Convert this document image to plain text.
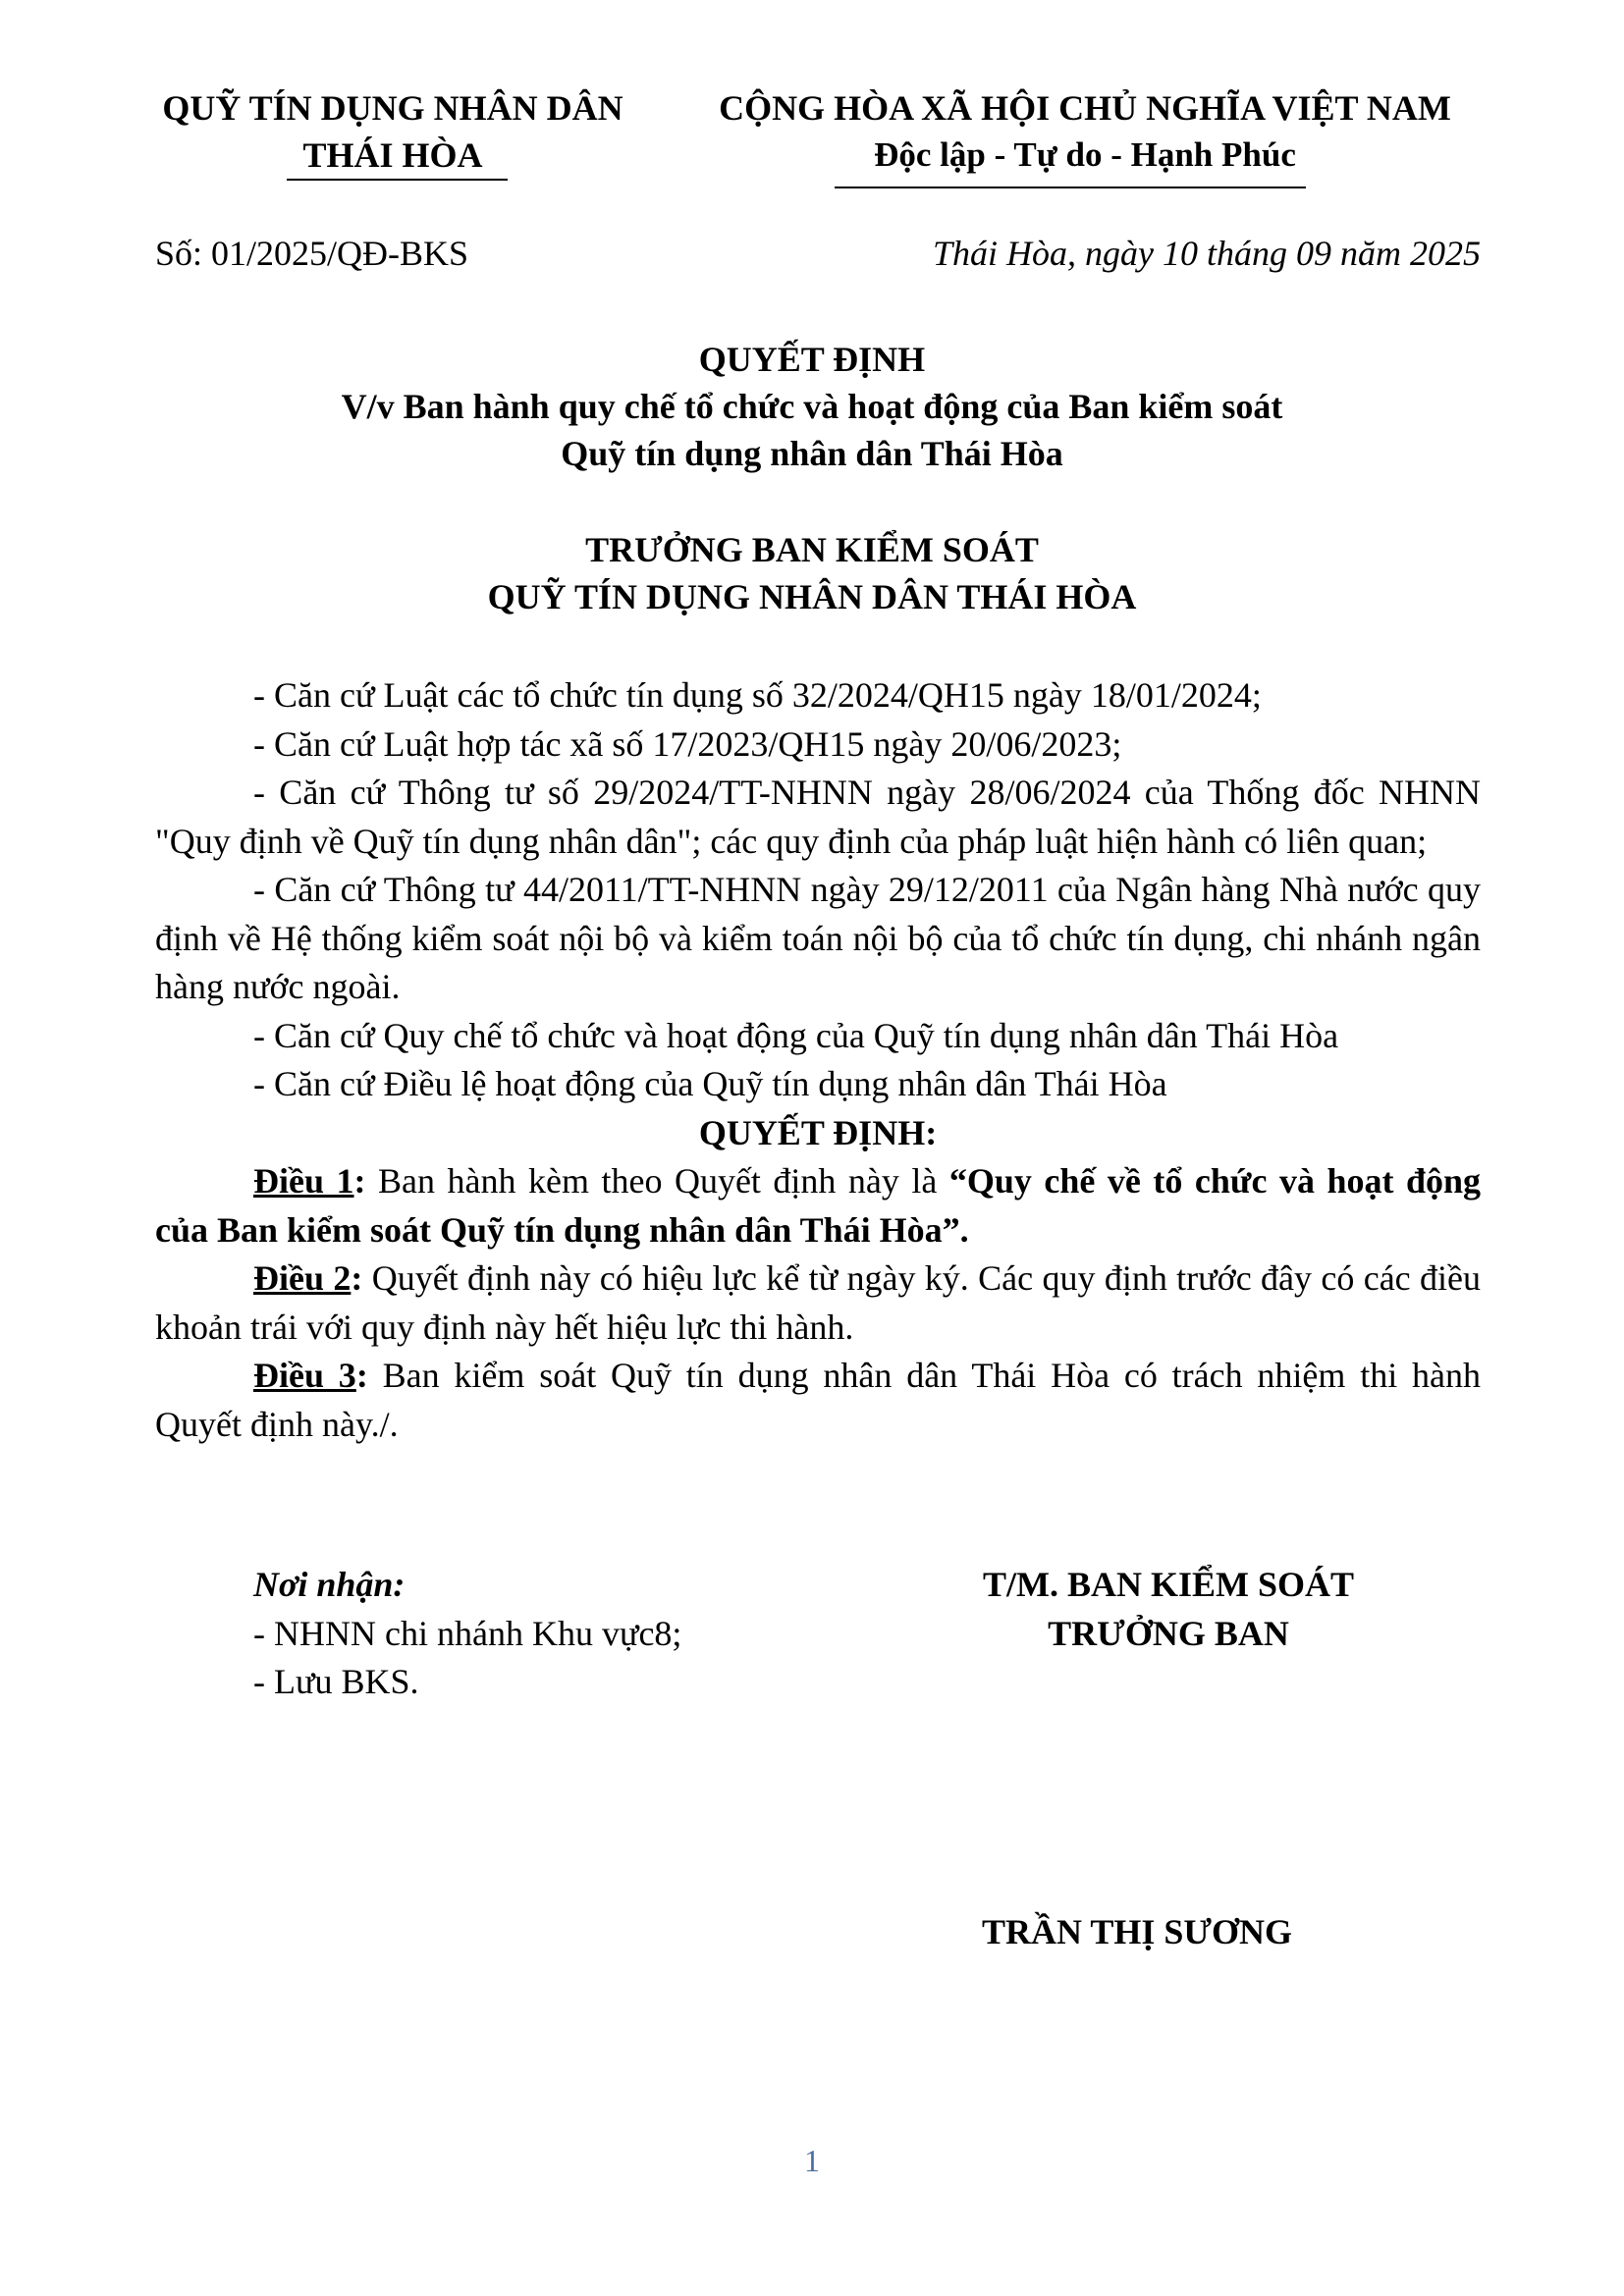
QUỸ TÍN DỤNG NHÂN DÂN
THÁI HÒA
CỘNG HÒA XÃ HỘI CHỦ NGHĨA VIỆT NAM
Độc lập - Tự do - Hạnh Phúc
Số: 01/2025/QĐ-BKS	Thái Hòa, ngày 10 tháng 09 năm 2025
QUYẾT ĐỊNH
V/v Ban hành quy chế tổ chức và hoạt động của Ban kiểm soát
Quỹ tín dụng nhân dân Thái Hòa
TRƯỞNG BAN KIỂM SOÁT
QUỸ TÍN DỤNG NHÂN DÂN THÁI HÒA

- Căn cứ Luật các tổ chức tín dụng số 32/2024/QH15 ngày 18/01/2024;

- Căn cứ Luật hợp tác xã số 17/2023/QH15 ngày 20/06/2023;

- Căn cứ Thông tư số 29/2024/TT-NHNN ngày 28/06/2024 của Thống đốc NHNN "Quy định về Quỹ tín dụng nhân dân"; các quy định của pháp luật hiện hành có liên quan;

- Căn cứ Thông tư 44/2011/TT-NHNN ngày 29/12/2011 của Ngân hàng Nhà nước quy định về Hệ thống kiểm soát nội bộ và kiểm toán nội bộ của tổ chức tín dụng, chi nhánh ngân hàng nước ngoài.

- Căn cứ Quy chế tổ chức và hoạt động của Quỹ tín dụng nhân dân Thái Hòa

- Căn cứ Điều lệ hoạt động của Quỹ tín dụng nhân dân Thái Hòa

QUYẾT ĐỊNH:

Điều 1: Ban hành kèm theo Quyết định này là “Quy chế về tổ chức và hoạt động của Ban kiểm soát Quỹ tín dụng nhân dân Thái Hòa”.

Điều 2: Quyết định này có hiệu lực kể từ ngày ký. Các quy định trước đây có các điều khoản trái với quy định này hết hiệu lực thi hành.

Điều 3: Ban kiểm soát Quỹ tín dụng nhân dân Thái Hòa có trách nhiệm thi hành Quyết định này./.

Nơi nhận:
- NHNN chi nhánh Khu vực8;
- Lưu BKS.
T/M. BAN KIỂM SOÁT
TRƯỞNG BAN
TRẦN THỊ SƯƠNG
1
